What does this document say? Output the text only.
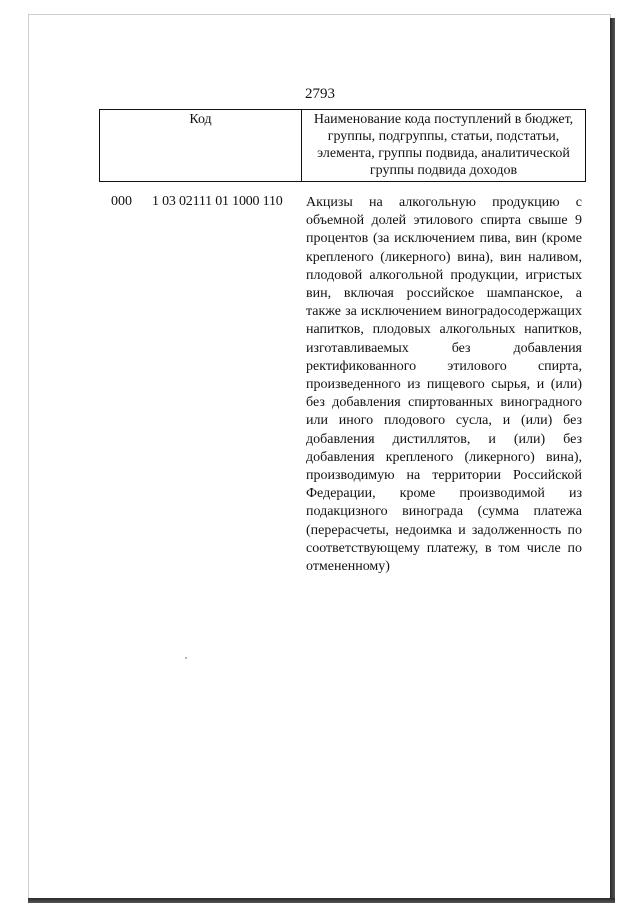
2793
Код	Наименование кода поступлений в бюджет, группы, подгруппы, статьи, подстатьи, элемента, группы подвида, аналитической группы подвида доходов
000 1 03 02111 01 1000 110 Акцизы на алкогольную продукцию с объемной долей этилового спирта свыше 9 процентов (за исключением пива, вин (кроме крепленого (ликерного) вина), вин наливом, плодовой алкогольной продукции, игристых вин, включая российское шампанское, а также за исключением виноградосодержащих напитков, плодовых алкогольных напитков, изготавливаемых без добавления ректификованного этилового спирта, произведенного из пищевого сырья, и (или) без добавления спиртованных виноградного или иного плодового сусла, и (или) без добавления дистиллятов, и (или) без добавления крепленого (ликерного) вина), производимую на территории Российской Федерации, кроме производимой из подакцизного винограда (сумма платежа (перерасчеты, недоимка и задолженность по соответствующему платежу, в том числе по отмененному)
